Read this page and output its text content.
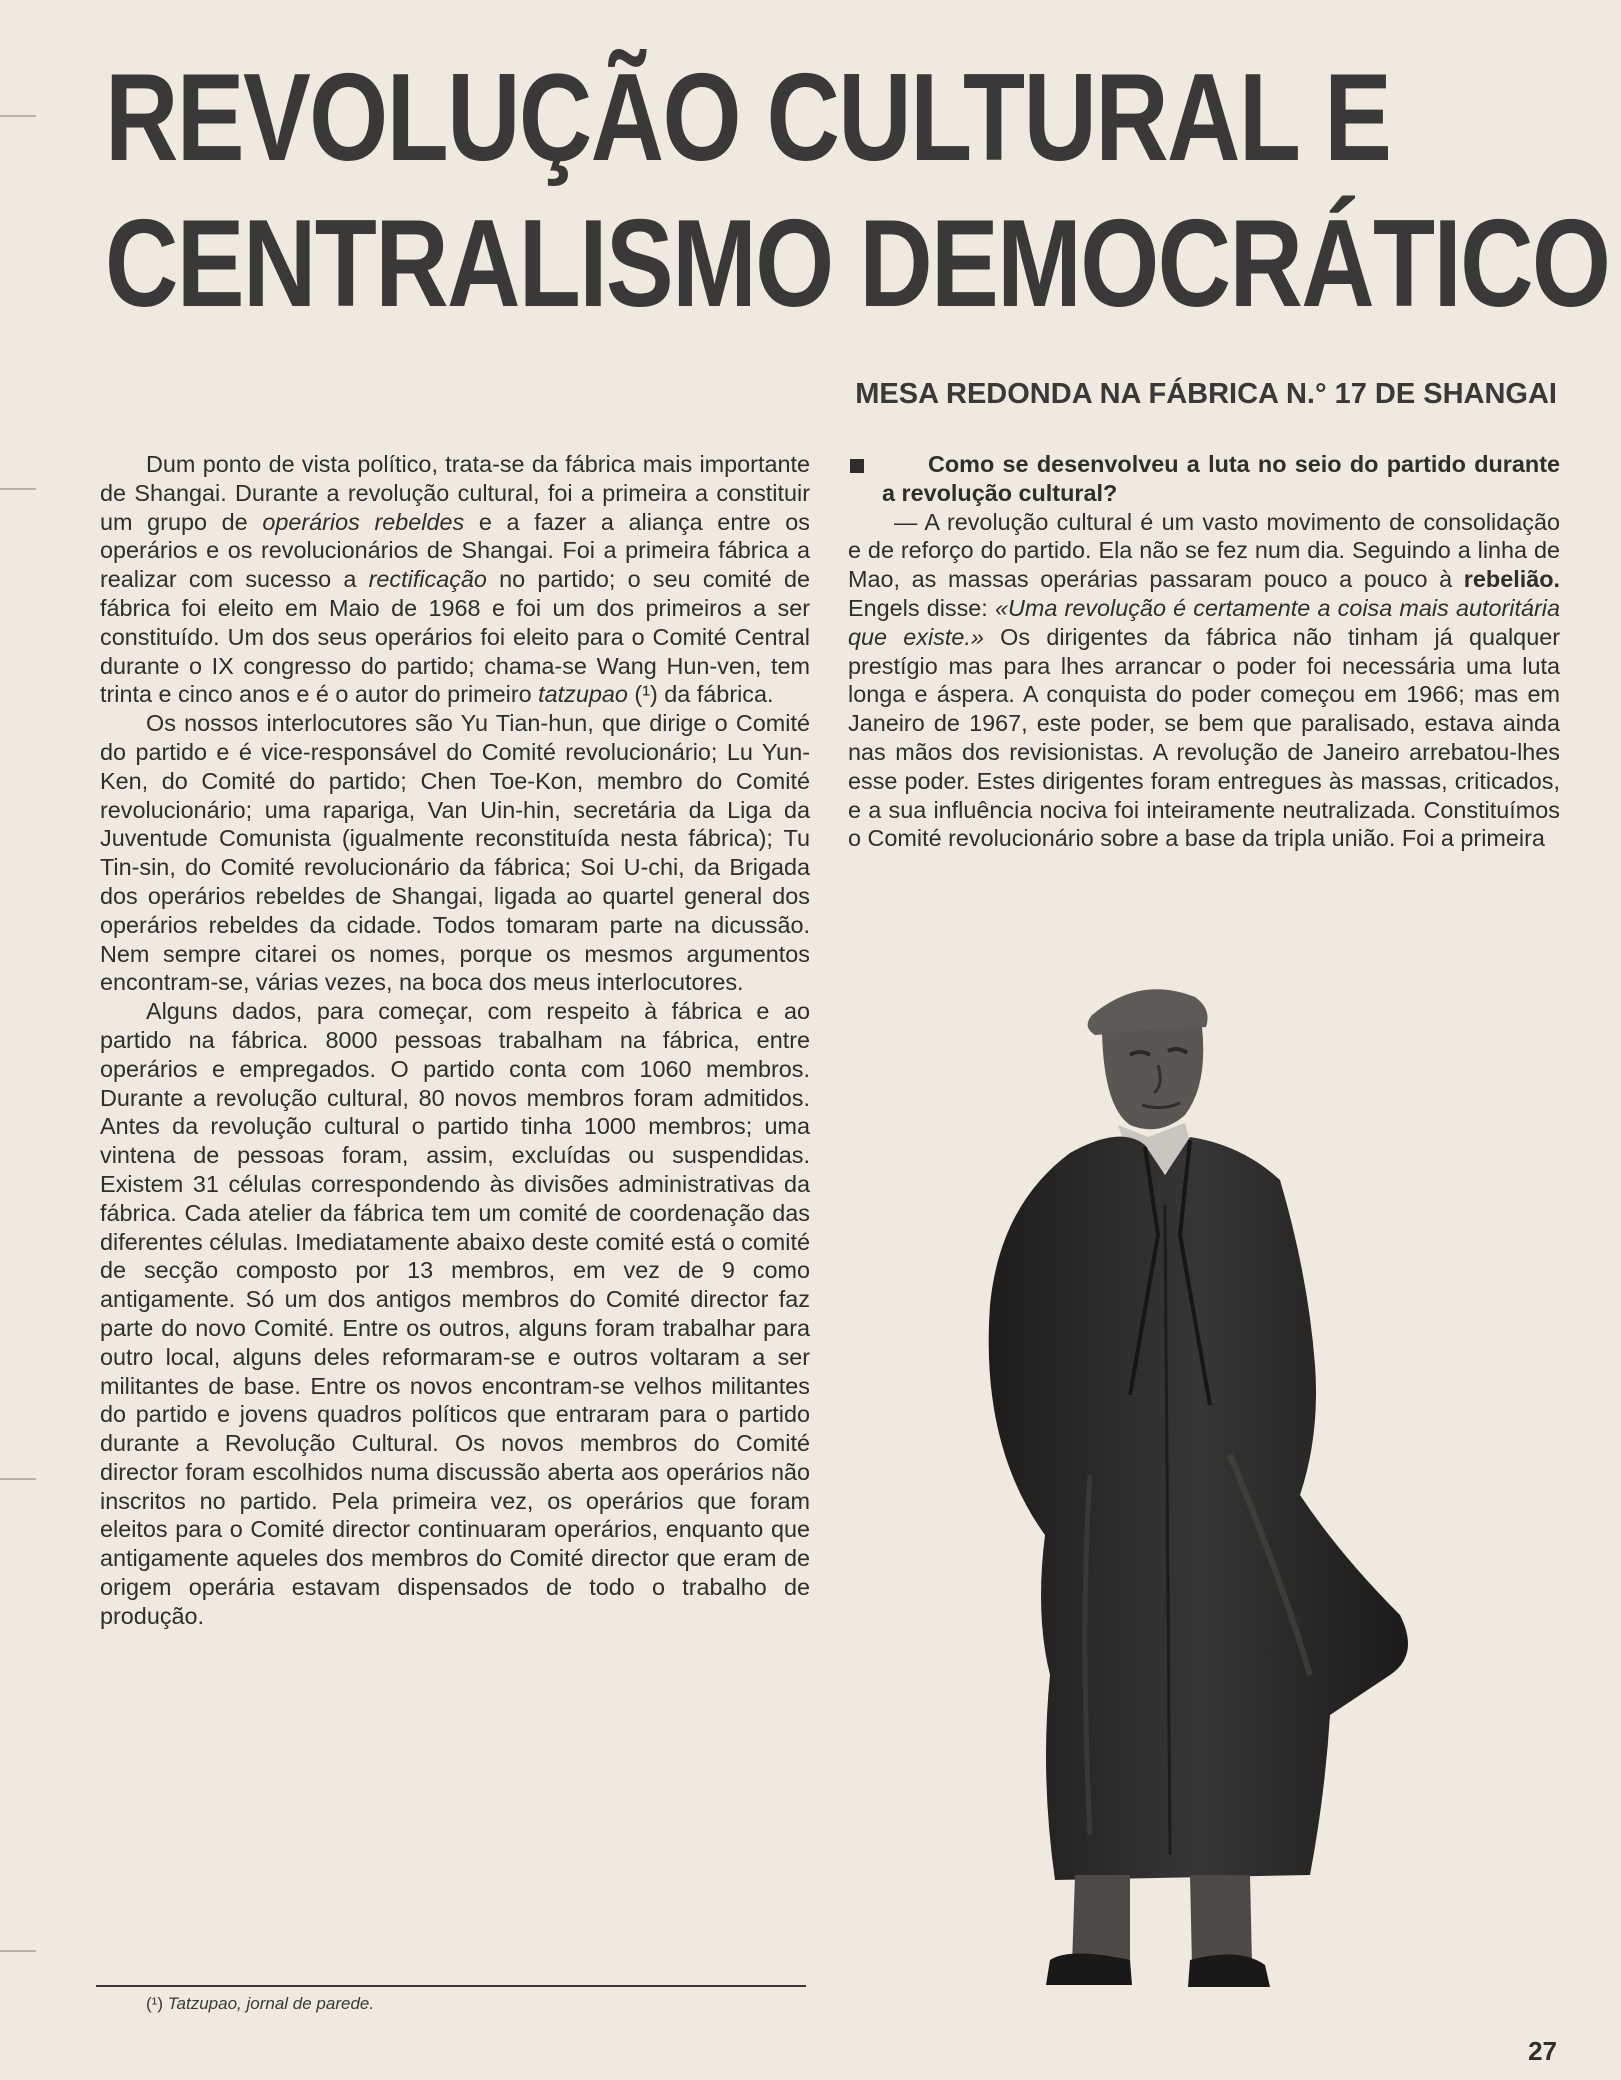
REVOLUÇÃO CULTURAL E
CENTRALISMO DEMOCRÁTICO
MESA REDONDA NA FÁBRICA N.° 17 DE SHANGAI

Dum ponto de vista político, trata-se da fábrica mais importante de Shangai. Durante a revolução cultural, foi a primeira a constituir um grupo de operários rebeldes e a fazer a aliança entre os operários e os revolucionários de Shangai. Foi a primeira fábrica a realizar com sucesso a rectificação no partido; o seu comité de fábrica foi eleito em Maio de 1968 e foi um dos primeiros a ser constituído. Um dos seus operários foi eleito para o Comité Central durante o IX congresso do partido; chama-se Wang Hun-ven, tem trinta e cinco anos e é o autor do primeiro tatzupao (¹) da fábrica.

Os nossos interlocutores são Yu Tian-hun, que dirige o Comité do partido e é vice-responsável do Comité revolucionário; Lu Yun-Ken, do Comité do partido; Chen Toe-Kon, membro do Comité revolucionário; uma rapariga, Van Uin-hin, secretária da Liga da Juventude Comunista (igualmente reconstituída nesta fábrica); Tu Tin-sin, do Comité revolucionário da fábrica; Soi U-chi, da Brigada dos operários rebeldes de Shangai, ligada ao quartel general dos operários rebeldes da cidade. Todos tomaram parte na dicussão. Nem sempre citarei os nomes, porque os mesmos argumentos encontram-se, várias vezes, na boca dos meus interlocutores.

Alguns dados, para começar, com respeito à fábrica e ao partido na fábrica. 8000 pessoas trabalham na fábrica, entre operários e empregados. O partido conta com 1060 membros. Durante a revolução cultural, 80 novos membros foram admitidos. Antes da revolução cultural o partido tinha 1000 membros; uma vintena de pessoas foram, assim, excluídas ou suspendidas. Existem 31 células correspondendo às divisões administrativas da fábrica. Cada atelier da fábrica tem um comité de coordenação das diferentes células. Imediatamente abaixo deste comité está o comité de secção composto por 13 membros, em vez de 9 como antigamente. Só um dos antigos membros do Comité director faz parte do novo Comité. Entre os outros, alguns foram trabalhar para outro local, alguns deles reformaram-se e outros voltaram a ser militantes de base. Entre os novos encontram-se velhos militantes do partido e jovens quadros políticos que entraram para o partido durante a Revolução Cultural. Os novos membros do Comité director foram escolhidos numa discussão aberta aos operários não inscritos no partido. Pela primeira vez, os operários que foram eleitos para o Comité director continuaram operários, enquanto que antigamente aqueles dos membros do Comité director que eram de origem operária estavam dispensados de todo o trabalho de produção.

Como se desenvolveu a luta no seio do partido durante a revolução cultural?

— A revolução cultural é um vasto movimento de consolidação e de reforço do partido. Ela não se fez num dia. Seguindo a linha de Mao, as massas operárias passaram pouco a pouco à rebelião. Engels disse: «Uma revolução é certamente a coisa mais autoritária que existe.» Os dirigentes da fábrica não tinham já qualquer prestígio mas para lhes arrancar o poder foi necessária uma luta longa e áspera. A conquista do poder começou em 1966; mas em Janeiro de 1967, este poder, se bem que paralisado, estava ainda nas mãos dos revisionistas. A revolução de Janeiro arrebatou-lhes esse poder. Estes dirigentes foram entregues às massas, criticados, e a sua influência nociva foi inteiramente neutralizada. Constituímos o Comité revolucionário sobre a base da tripla união. Foi a primeira

(¹) Tatzupao, jornal de parede.
27
